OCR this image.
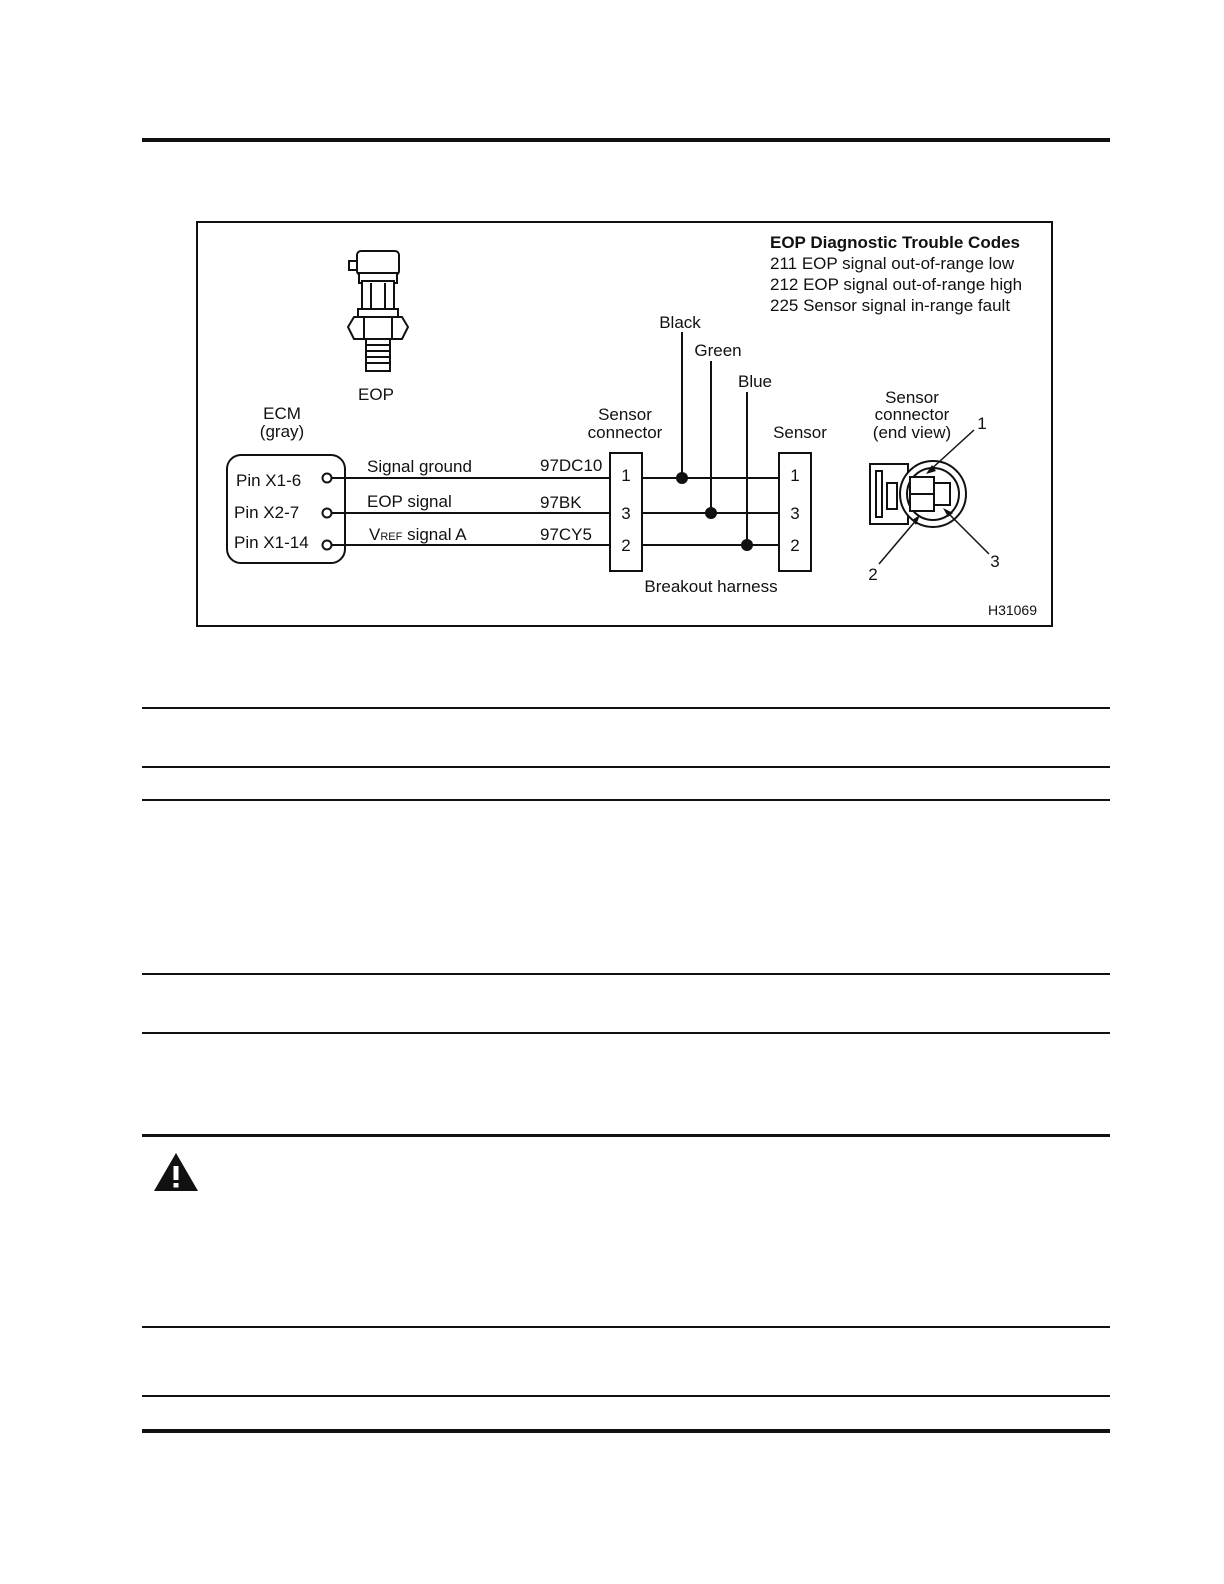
EOP Diagnostic Trouble Codes
211 EOP signal out-of-range low
212 EOP signal out-of-range high
225 Sensor signal in-range fault
EOP
ECM
(gray)
Pin X1-6
Pin X2-7
Pin X1-14
Signal ground
EOP signal
VREF signal A
97DC10
97BK
97CY5
Sensor
connector
1
3
2
Black
Green
Blue
Sensor
1
3
2
Breakout harness
Sensor
connector
(end view) 1
2
3
H31069
